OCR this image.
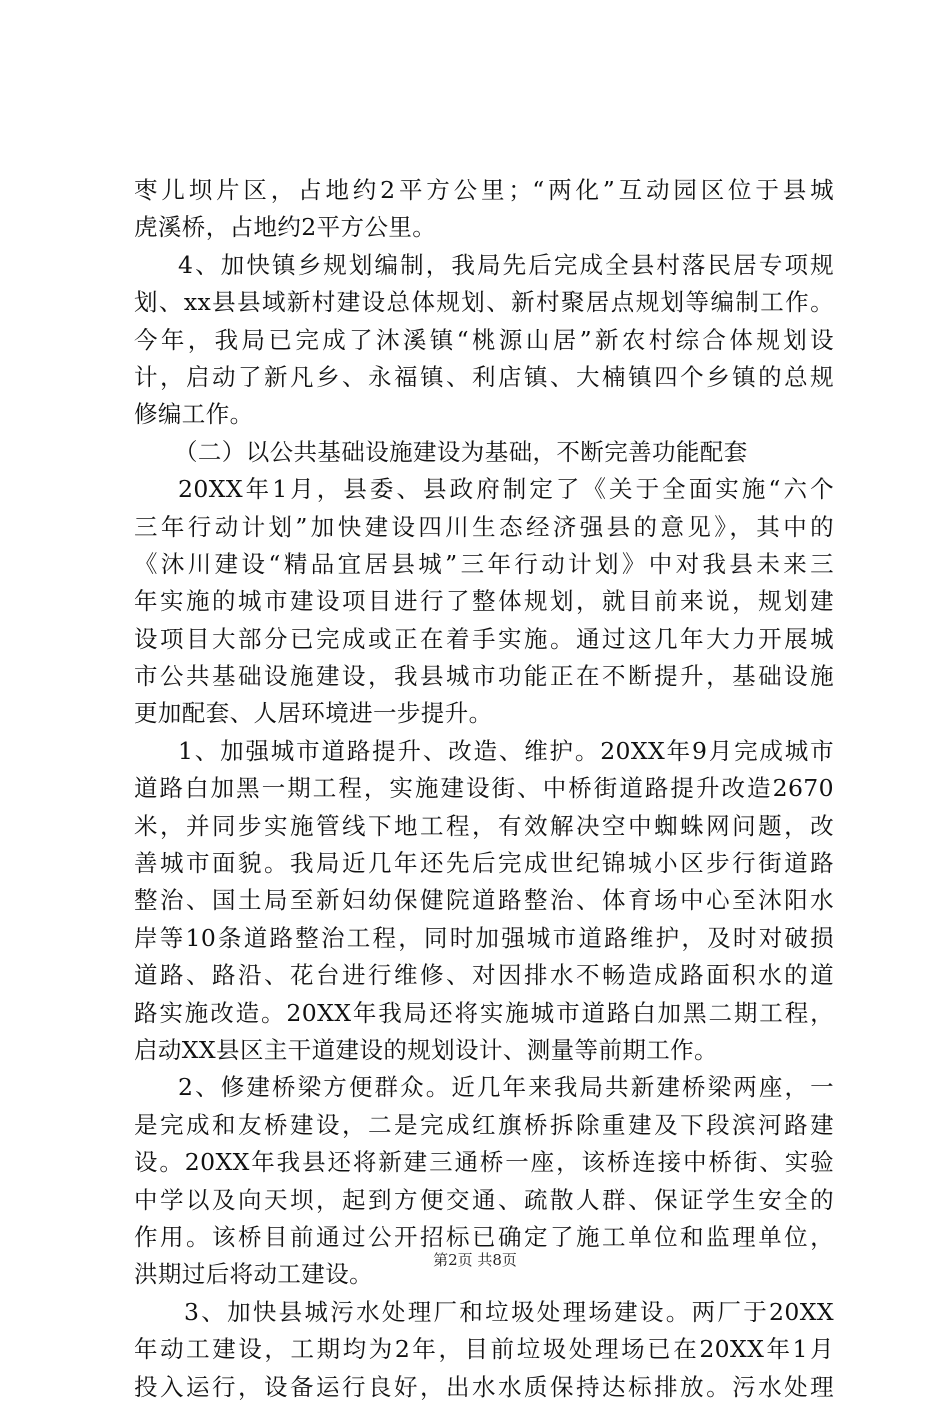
枣儿坝片区，占地约2平方公里；“两化”互动园区位于县城
虎溪桥，占地约2平方公里。
4、加快镇乡规划编制，我局先后完成全县村落民居专项规
划、xx县县域新村建设总体规划、新村聚居点规划等编制工作。
今年，我局已完成了沐溪镇“桃源山居”新农村综合体规划设
计，启动了新凡乡、永福镇、利店镇、大楠镇四个乡镇的总规
修编工作。
（二）以公共基础设施建设为基础，不断完善功能配套
20XX年1月，县委、县政府制定了《关于全面实施“六个
三年行动计划”加快建设四川生态经济强县的意见》，其中的
《沐川建设“精品宜居县城”三年行动计划》中对我县未来三
年实施的城市建设项目进行了整体规划，就目前来说，规划建
设项目大部分已完成或正在着手实施。通过这几年大力开展城
市公共基础设施建设，我县城市功能正在不断提升，基础设施
更加配套、人居环境进一步提升。
1、加强城市道路提升、改造、维护。20XX年9月完成城市
道路白加黑一期工程，实施建设街、中桥街道路提升改造2670
米，并同步实施管线下地工程，有效解决空中蜘蛛网问题，改
善城市面貌。我局近几年还先后完成世纪锦城小区步行街道路
整治、国土局至新妇幼保健院道路整治、体育场中心至沐阳水
岸等10条道路整治工程，同时加强城市道路维护，及时对破损
道路、路沿、花台进行维修、对因排水不畅造成路面积水的道
路实施改造。20XX年我局还将实施城市道路白加黑二期工程，
启动XX县区主干道建设的规划设计、测量等前期工作。
2、修建桥梁方便群众。近几年来我局共新建桥梁两座，一
是完成和友桥建设，二是完成红旗桥拆除重建及下段滨河路建
设。20XX年我县还将新建三通桥一座，该桥连接中桥街、实验
中学以及向天坝，起到方便交通、疏散人群、保证学生安全的
作用。该桥目前通过公开招标已确定了施工单位和监理单位，
洪期过后将动工建设。
3、加快县城污水处理厂和垃圾处理场建设。两厂于20XX
年动工建设，工期均为2年，目前垃圾处理场已在20XX年1月
投入运行，设备运行良好，出水水质保持达标排放。污水处理
第2页 共8页
